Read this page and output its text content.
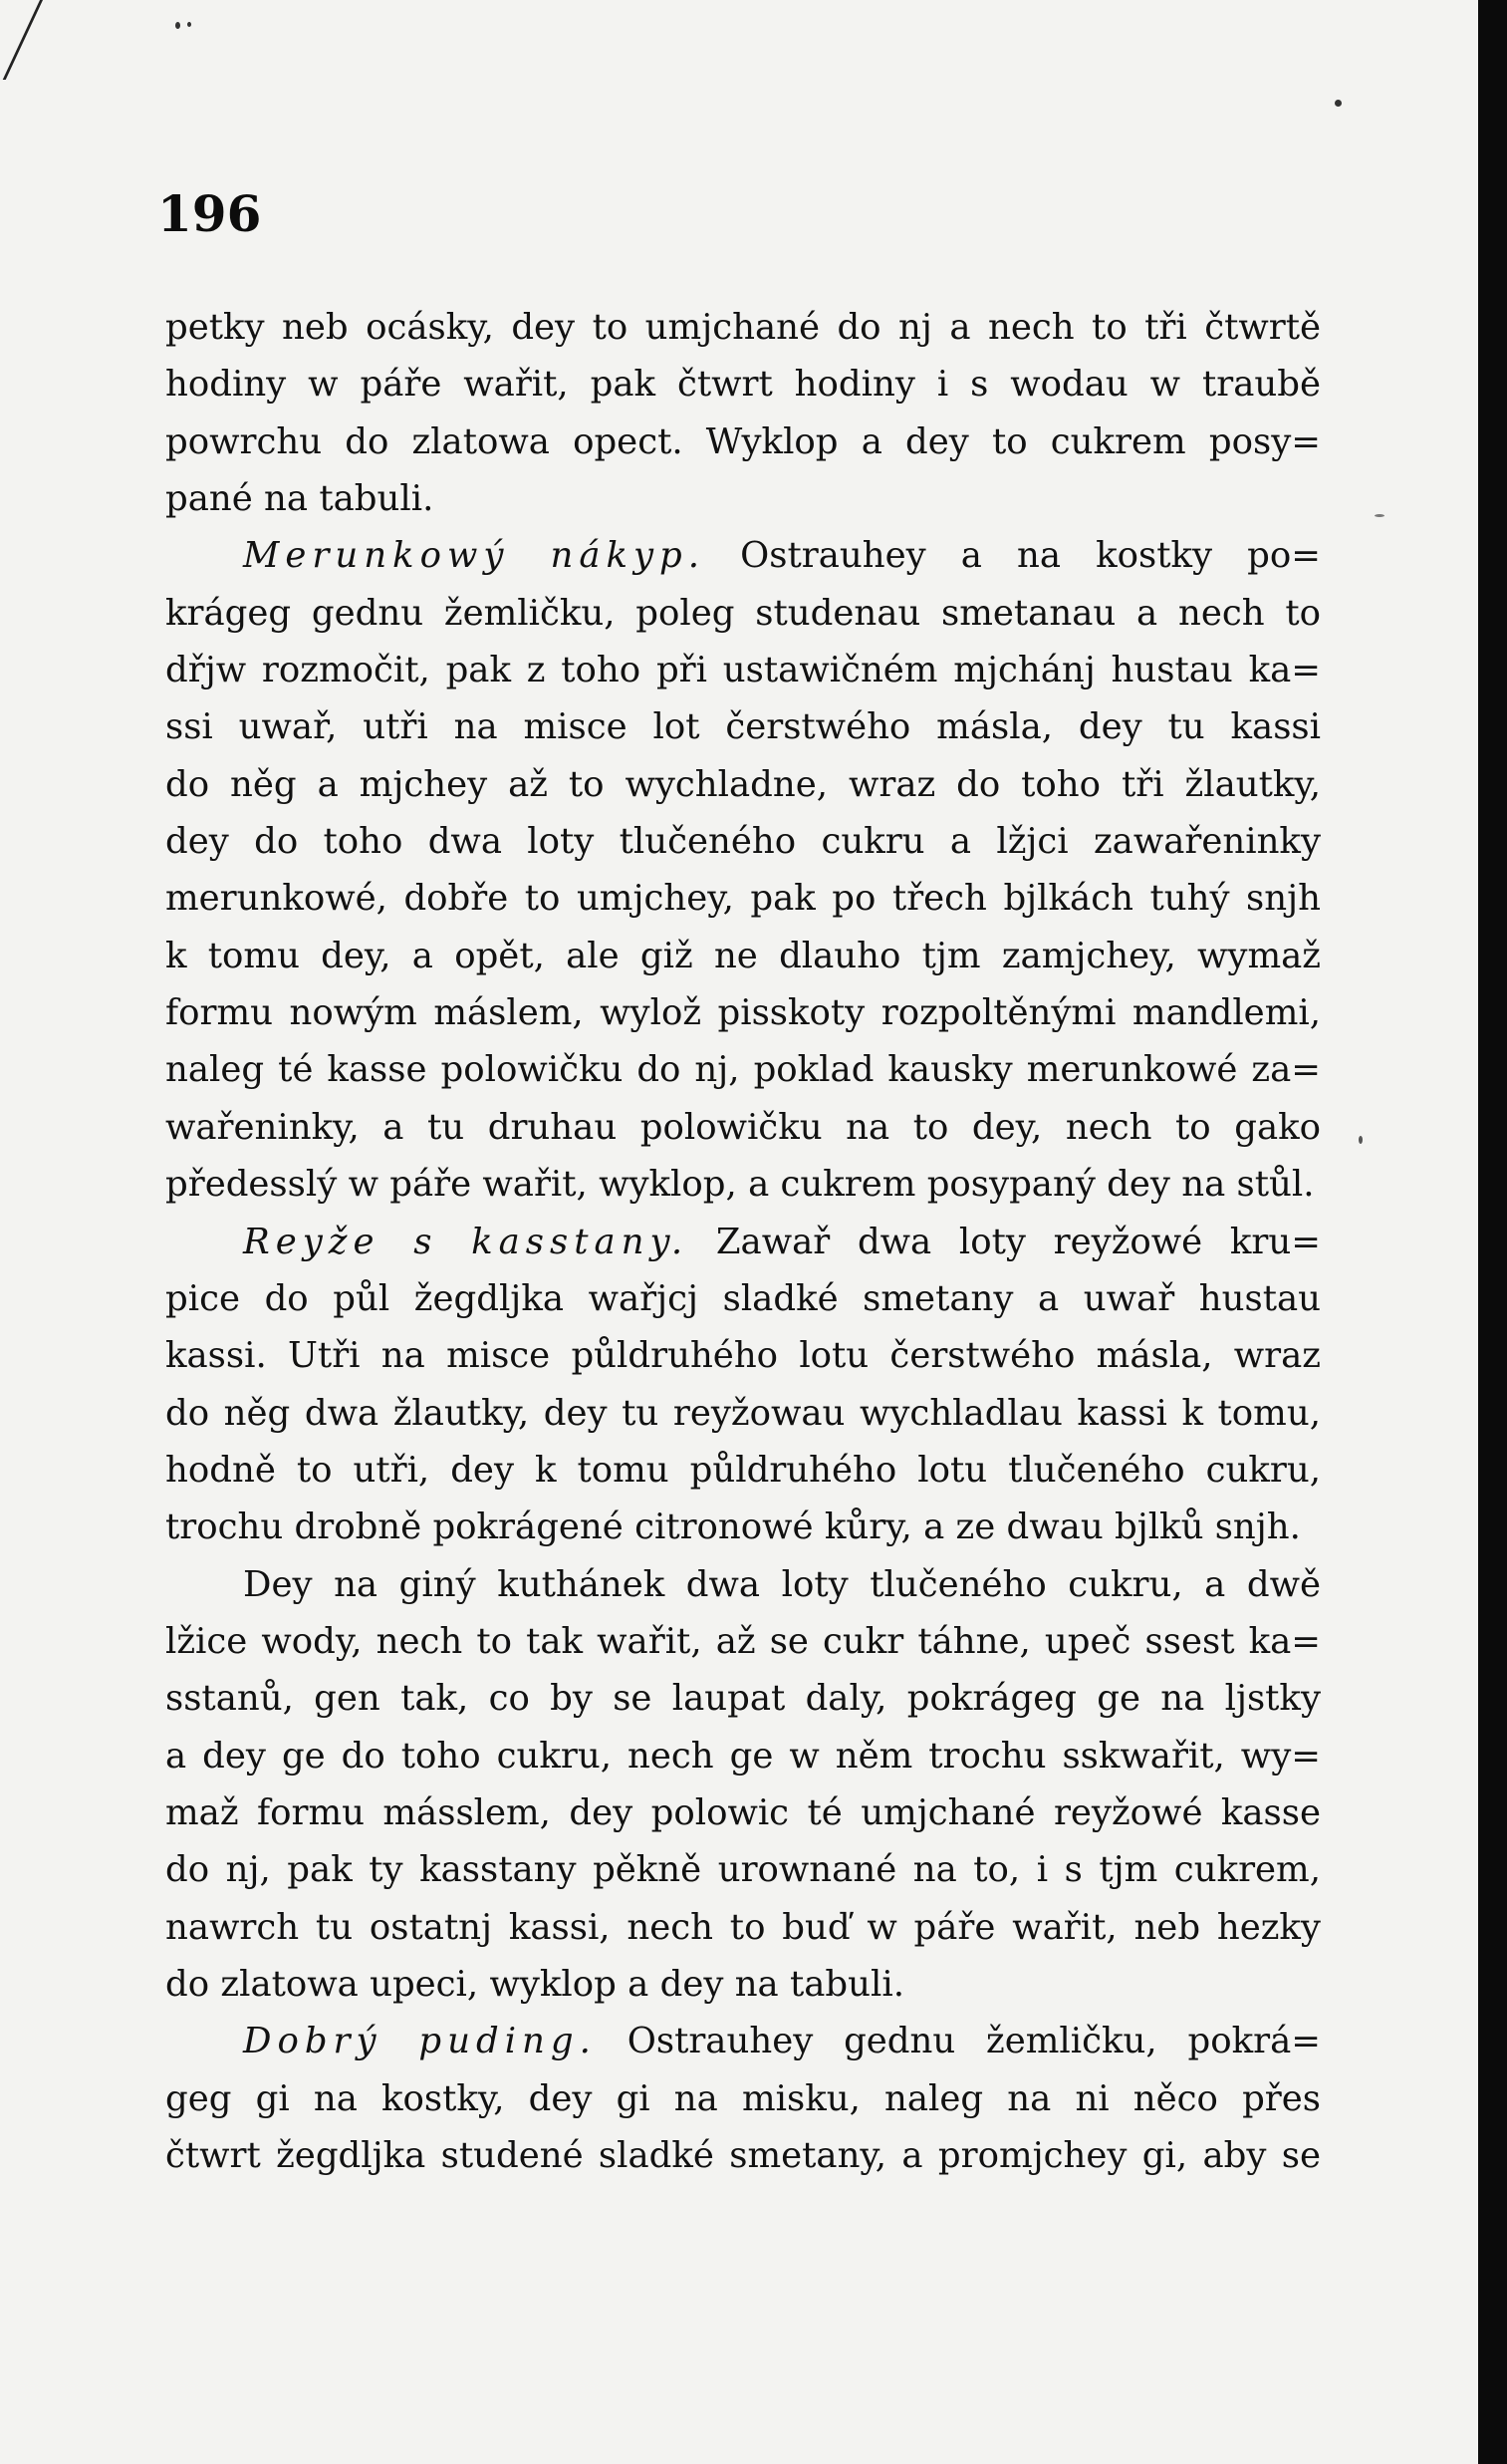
196
petky neb ocásky, dey to umjchané do nj a nech to tři čtwrtě
hodiny w páře wařit, pak čtwrt hodiny i s wodau w traubě
powrchu do zlatowa opect. Wyklop a dey to cukrem posy=
pané na tabuli.
Merunkowý nákyp. Ostrauhey a na kostky po=
krágeg gednu žemličku, poleg studenau smetanau a nech to
dřjw rozmočit, pak z toho při ustawičném mjchánj hustau ka=
ssi uwař, utři na misce lot čerstwého másla, dey tu kassi
do něg a mjchey až to wychladne, wraz do toho tři žlautky,
dey do toho dwa loty tlučeného cukru a lžjci zawařeninky
merunkowé, dobře to umjchey, pak po třech bjlkách tuhý snjh
k tomu dey, a opět, ale giž ne dlauho tjm zamjchey, wymaž
formu nowým máslem, wylož pisskoty rozpoltěnými mandlemi,
naleg té kasse polowičku do nj, poklad kausky merunkowé za=
wařeninky, a tu druhau polowičku na to dey, nech to gako
předesslý w páře wařit, wyklop, a cukrem posypaný dey na stůl.
Reyže s kasstany. Zawař dwa loty reyžowé kru=
pice do půl žegdljka wařjcj sladké smetany a uwař hustau
kassi. Utři na misce půldruhého lotu čerstwého másla, wraz
do něg dwa žlautky, dey tu reyžowau wychladlau kassi k tomu,
hodně to utři, dey k tomu půldruhého lotu tlučeného cukru,
trochu drobně pokrágené citronowé kůry, a ze dwau bjlků snjh.
Dey na giný kuthánek dwa loty tlučeného cukru, a dwě
lžice wody, nech to tak wařit, až se cukr táhne, upeč ssest ka=
sstanů, gen tak, co by se laupat daly, pokrágeg ge na ljstky
a dey ge do toho cukru, nech ge w něm trochu sskwařit, wy=
maž formu másslem, dey polowic té umjchané reyžowé kasse
do nj, pak ty kasstany pěkně urownané na to, i s tjm cukrem,
nawrch tu ostatnj kassi, nech to buď w páře wařit, neb hezky
do zlatowa upeci, wyklop a dey na tabuli.
Dobrý puding. Ostrauhey gednu žemličku, pokrá=
geg gi na kostky, dey gi na misku, naleg na ni něco přes
čtwrt žegdljka studené sladké smetany, a promjchey gi, aby se
